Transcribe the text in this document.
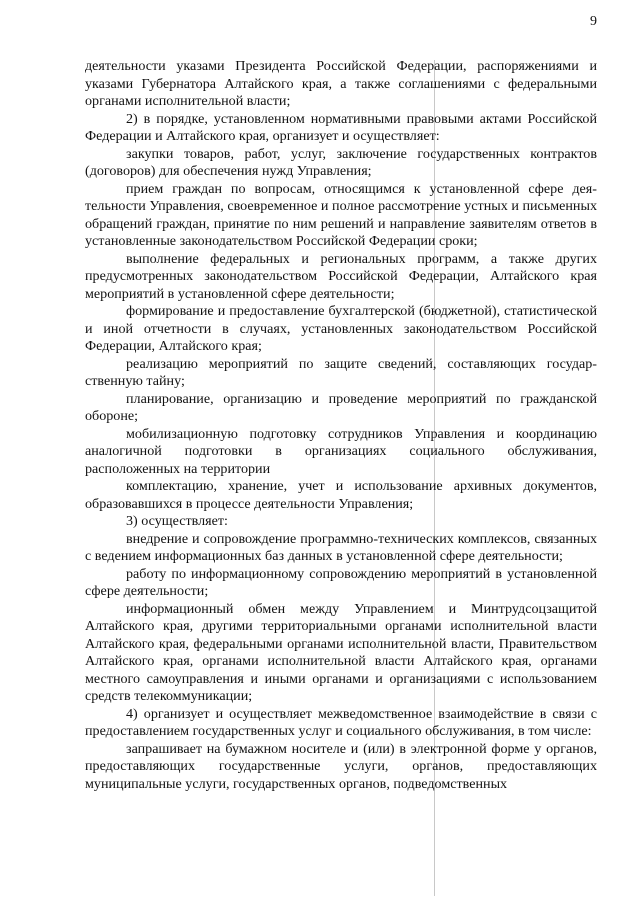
9

деятельности указами Президента Российской Федерации, распоряжениями и указами Губернатора Алтайского края, а также соглашениями с федеральными органами исполнительной власти;

2) в порядке, установленном нормативными правовыми актами Российской Федерации и Алтайского края, организует и осуществляет:

закупки товаров, работ, услуг, заключение государственных контрактов (договоров) для обеспечения нужд Управления;

прием граждан по вопросам, относящимся к установленной сфере деятельности Управления, своевременное и полное рассмотрение устных и письменных обращений граждан, принятие по ним решений и направление заявителям ответов в установленные законодательством Российской Федерации сроки;

выполнение федеральных и региональных программ, а также других предусмотренных законодательством Российской Федерации, Алтайского края мероприятий в установленной сфере деятельности;

формирование и предоставление бухгалтерской (бюджетной), статистической и иной отчетности в случаях, установленных законодательством Российской Федерации, Алтайского края;

реализацию мероприятий по защите сведений, составляющих государственную тайну;

планирование, организацию и проведение мероприятий по гражданской обороне;

мобилизационную подготовку сотрудников Управления и координацию аналогичной подготовки в организациях социального обслуживания, расположенных на территории

комплектацию, хранение, учет и использование архивных документов, образовавшихся в процессе деятельности Управления;

3) осуществляет:

внедрение и сопровождение программно-технических комплексов, связанных с ведением информационных баз данных в установленной сфере деятельности;

работу по информационному сопровождению мероприятий в установленной сфере деятельности;

информационный обмен между Управлением и Минтрудсоцзащитой Алтайского края, другими территориальными органами исполнительной власти Алтайского края, федеральными органами исполнительной власти, Правительством Алтайского края, органами исполнительной власти Алтайского края, органами местного самоуправления и иными органами и организациями с использованием средств телекоммуникации;

4) организует и осуществляет межведомственное взаимодействие в связи с предоставлением государственных услуг и социального обслуживания, в том числе:

запрашивает на бумажном носителе и (или) в электронной форме у органов, предоставляющих государственные услуги, органов, предоставляющих муниципальные услуги, государственных органов, подведомственных
